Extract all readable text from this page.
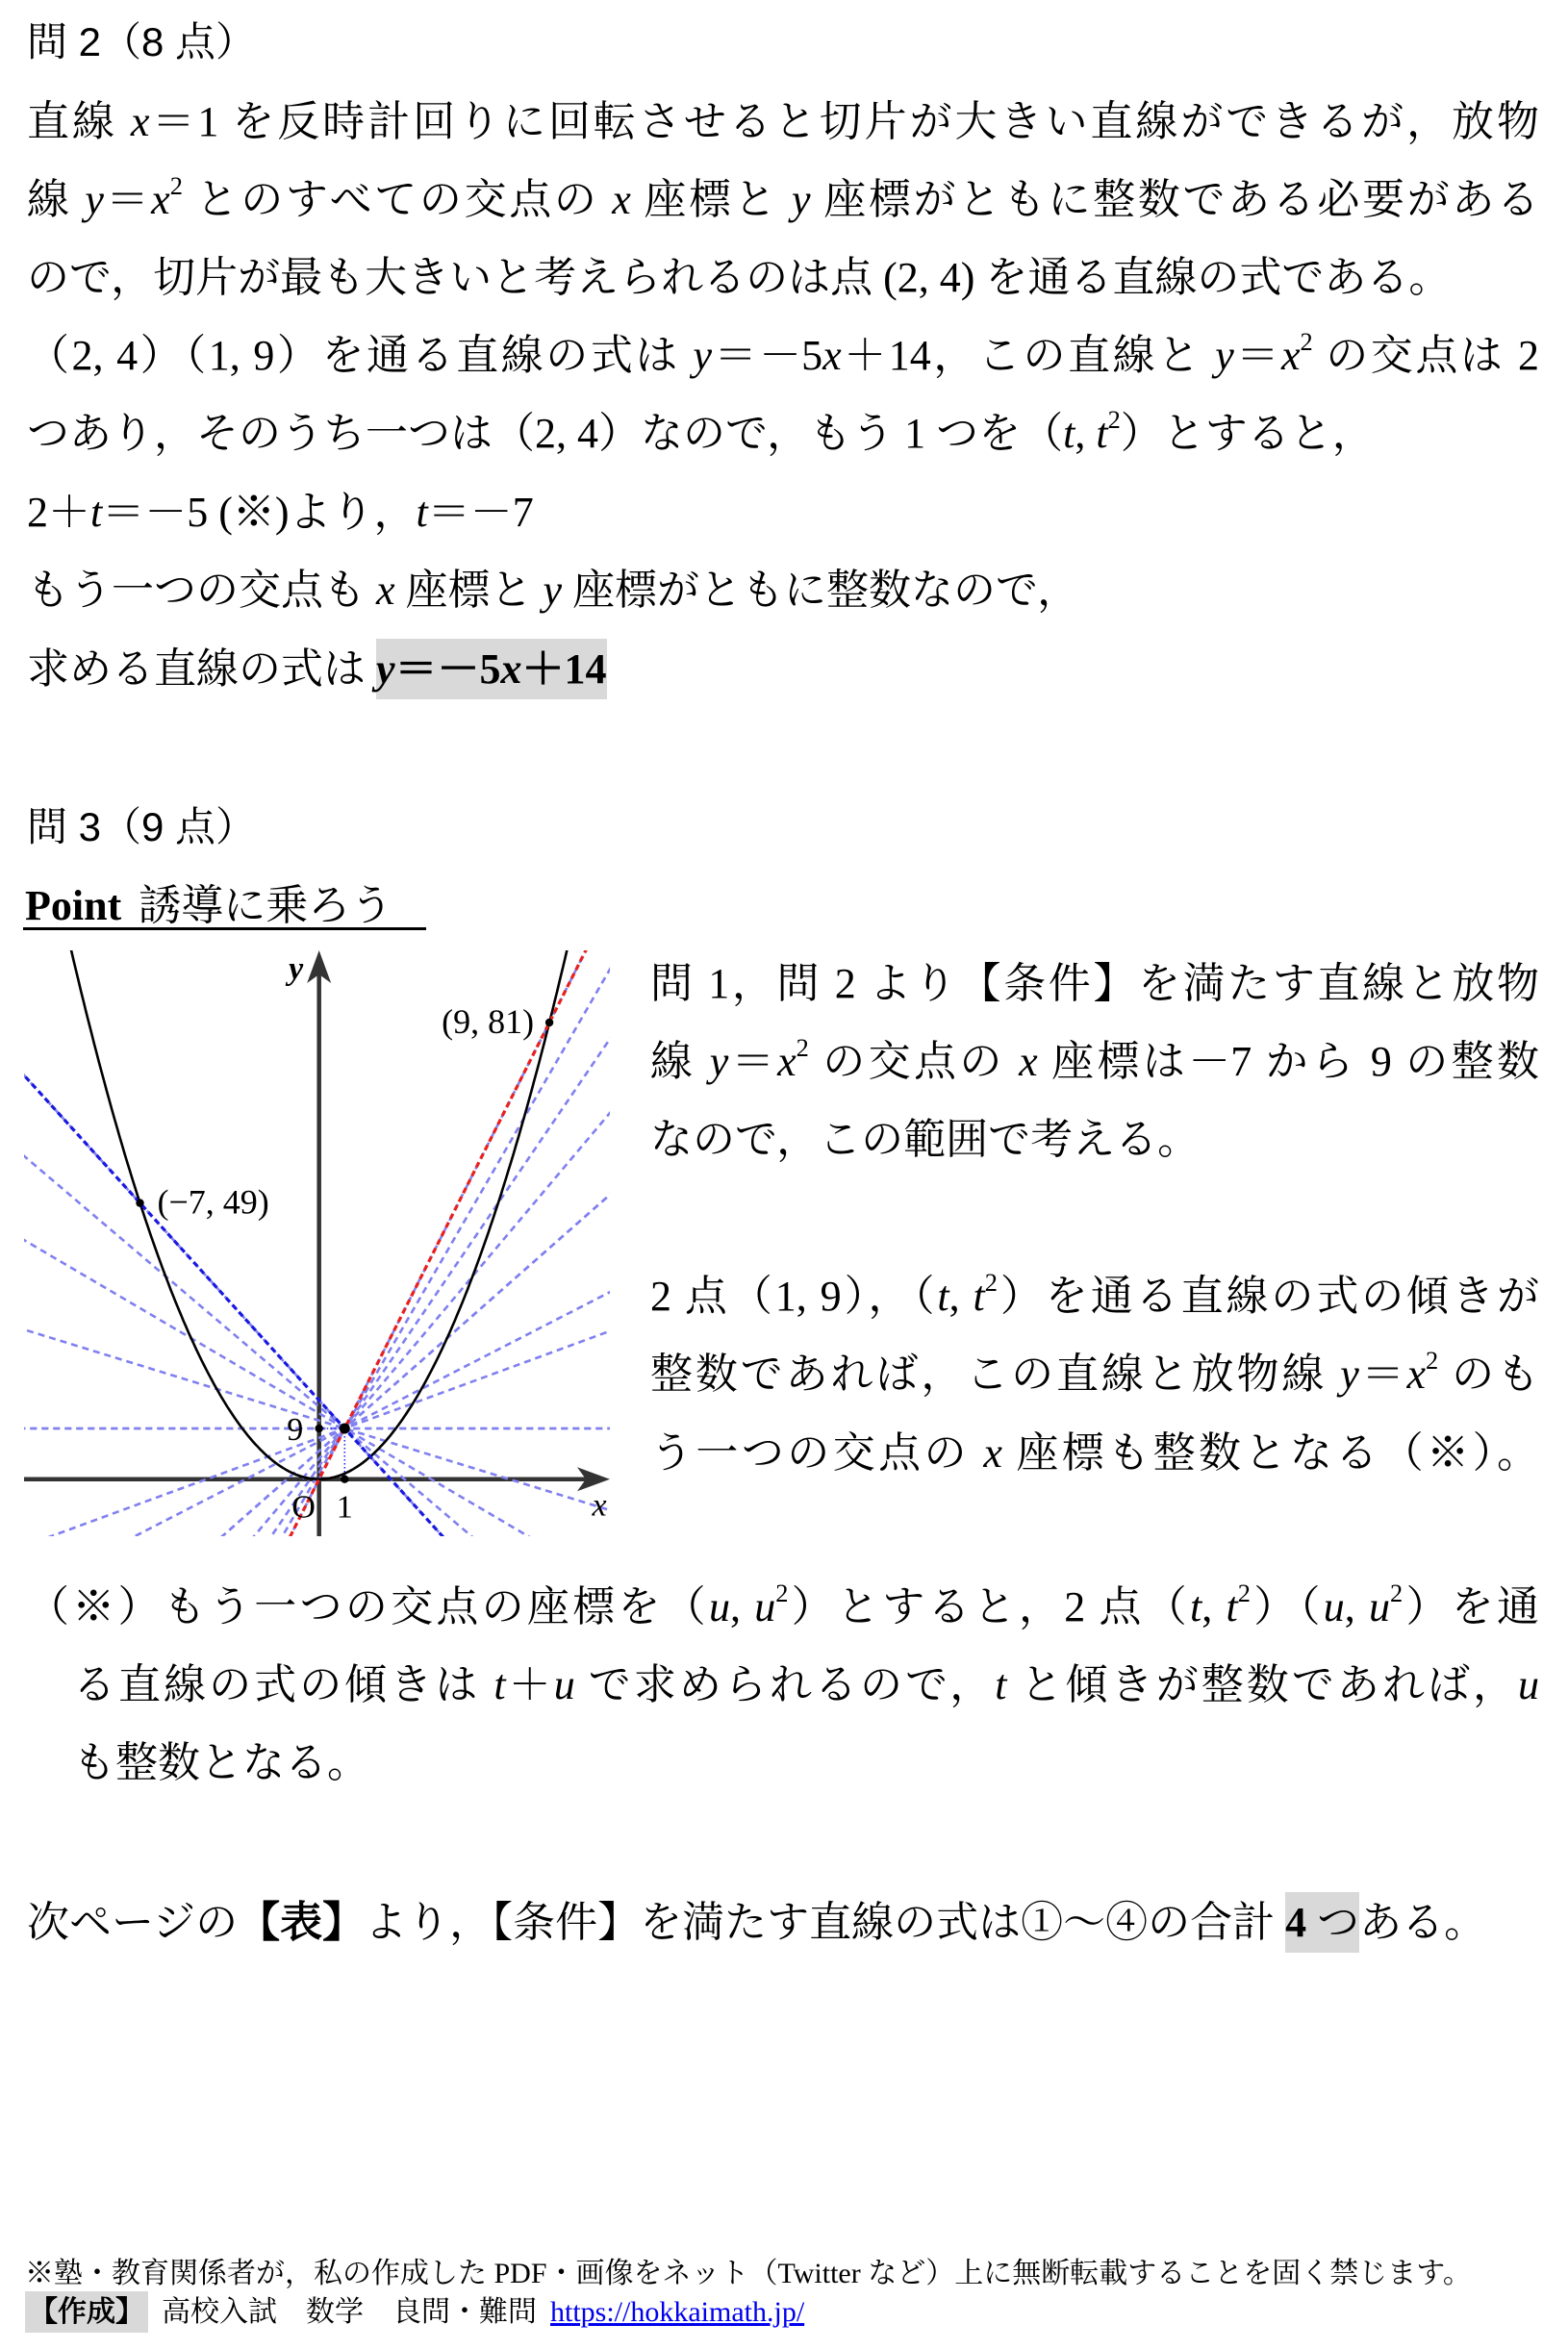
問 2（8 点）
直線 x＝1 を反時計回りに回転させると切片が大きい直線ができるが，放物
線 $y=x^2$ とのすべての交点の x 座標と y 座標がともに整数である必要がある
ので，切片が最も大きいと考えられるのは点 (2, 4) を通る直線の式である。
（2, 4）（1, 9）を通る直線の式は y＝－5x＋14，この直線と $y=x^2$ の交点は 2
つあり，そのうち一つは（2, 4）なので，もう 1 つを（t, $t^2$）とすると，
2＋t＝－5 (※)より，t＝－7
もう一つの交点も x 座標と y 座標がともに整数なので，
求める直線の式は y＝－5x＋14
問 3（9 点）
Point 誘導に乗ろう
(−7, 49)
(9, 81)
y
x
O 1
9
問 1，問 2 より【条件】を満たす直線と放物
線 $y=x^2$ の交点の x 座標は－7 から 9 の整数
なので，この範囲で考える。
2 点（1, 9），（t, $t^2$）を通る直線の式の傾きが
整数であれば，この直線と放物線 $y=x^2$ のも
う一つの交点の x 座標も整数となる（※）。
（※）もう一つの交点の座標を（u, $u^2$）とすると，2 点（t, $t^2)(u$, $u^2$）を通
る直線の式の傾きは t＋u で求められるので，t と傾きが整数であれば，u
も整数となる。
次ページの【表】より，【条件】を満たす直線の式は①～④の合計 4 つある。
※塾・教育関係者が，私の作成した PDF・画像をネット（Twitter など）上に無断転載することを固く禁じます。
【作成】 高校入試　数学　良問・難問 https://hokkaimath.jp/
